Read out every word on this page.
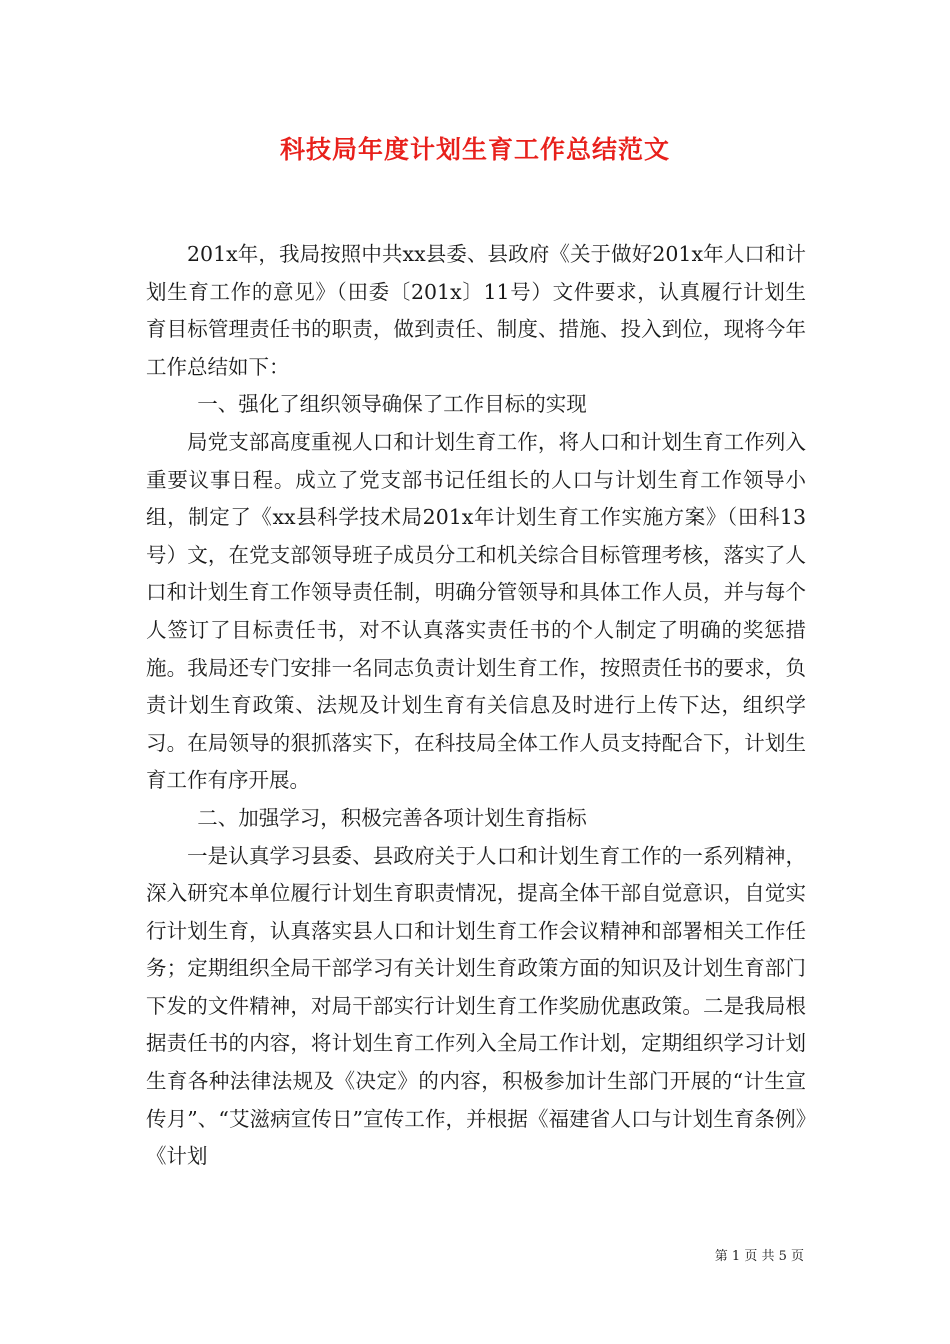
科技局年度计划生育工作总结范文

201x年，我局按照中共xx县委、县政府《关于做好201x年人口和计划生育工作的意见》（田委〔201x〕11号）文件要求，认真履行计划生育目标管理责任书的职责，做到责任、制度、措施、投入到位，现将今年工作总结如下：

一、强化了组织领导确保了工作目标的实现

局党支部高度重视人口和计划生育工作，将人口和计划生育工作列入重要议事日程。成立了党支部书记任组长的人口与计划生育工作领导小组，制定了《xx县科学技术局201x年计划生育工作实施方案》（田科13号）文，在党支部领导班子成员分工和机关综合目标管理考核，落实了人口和计划生育工作领导责任制，明确分管领导和具体工作人员，并与每个人签订了目标责任书，对不认真落实责任书的个人制定了明确的奖惩措施。我局还专门安排一名同志负责计划生育工作，按照责任书的要求，负责计划生育政策、法规及计划生育有关信息及时进行上传下达，组织学习。在局领导的狠抓落实下，在科技局全体工作人员支持配合下，计划生育工作有序开展。

二、加强学习，积极完善各项计划生育指标

一是认真学习县委、县政府关于人口和计划生育工作的一系列精神，深入研究本单位履行计划生育职责情况，提高全体干部自觉意识，自觉实行计划生育，认真落实县人口和计划生育工作会议精神和部署相关工作任务；定期组织全局干部学习有关计划生育政策方面的知识及计划生育部门下发的文件精神，对局干部实行计划生育工作奖励优惠政策。二是我局根据责任书的内容，将计划生育工作列入全局工作计划，定期组织学习计划生育各种法律法规及《决定》的内容，积极参加计生部门开展的“计生宣传月”、“艾滋病宣传日”宣传工作，并根据《福建省人口与计划生育条例》《计划

第 1 页 共 5 页
